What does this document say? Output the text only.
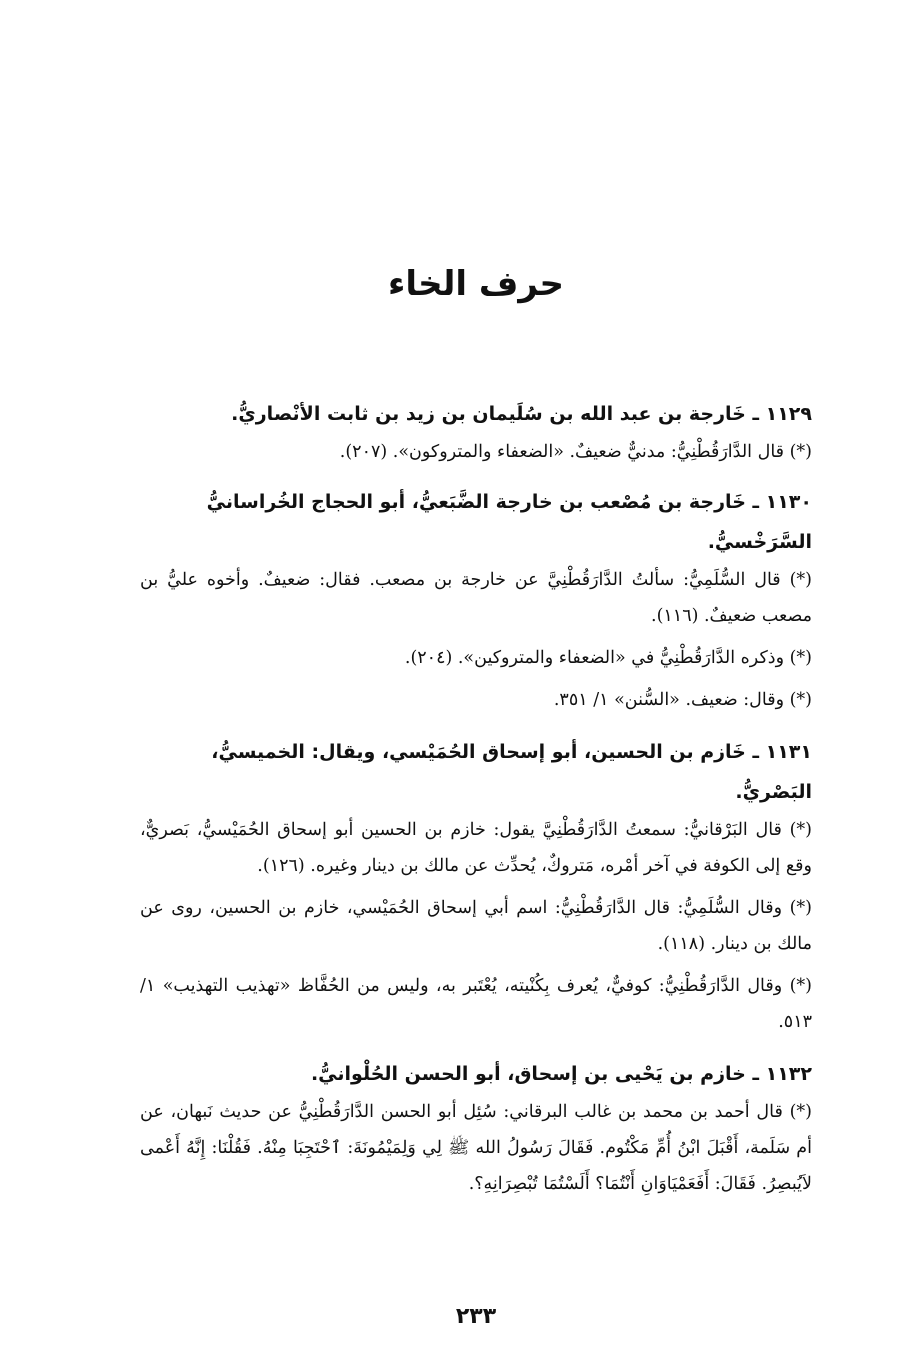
حرف الخاء

١١٢٩ ـ خَارجة بن عبد الله بن سُلَيمان بن زيد بن ثابت الأنْصاريُّ.

(*) قال الدَّارَقُطْنِيُّ: مدنيٌّ ضعيفٌ. «الضعفاء والمتروكون». (٢٠٧).

١١٣٠ ـ خَارجة بن مُصْعب بن خارجة الضَّبَعيُّ، أبو الحجاج الخُراسانيُّ السَّرَخْسيُّ.

(*) قال السُّلَمِيُّ: سألتُ الدَّارَقُطْنِيَّ عن خارجة بن مصعب. فقال: ضعيفٌ. وأخوه عليُّ بن مصعب ضعيفٌ. (١١٦).

(*) وذكره الدَّارَقُطْنِيُّ في «الضعفاء والمتروكين». (٢٠٤).

(*) وقال: ضعيف. «السُّنن» ١/ ٣٥١.

١١٣١ ـ خَازم بن الحسين، أبو إسحاق الحُمَيْسي، ويقال: الخميسيُّ، البَصْريُّ.

(*) قال البَرْقانيُّ: سمعتُ الدَّارَقُطْنِيَّ يقول: خازم بن الحسين أبو إسحاق الحُمَيْسيُّ، بَصريٌّ، وقع إلى الكوفة في آخر أمْره، مَتروكٌ، يُحدِّث عن مالك بن دينار وغيره. (١٢٦).

(*) وقال السُّلَمِيُّ: قال الدَّارَقُطْنِيُّ: اسم أبي إسحاق الحُمَيْسي، خازم بن الحسين، روى عن مالك بن دينار. (١١٨).

(*) وقال الدَّارَقُطْنِيُّ: كوفيٌّ، يُعرف بِكُنْيته، يُعْتَبر به، وليس من الحُفَّاظ «تهذيب التهذيب» ١/ ٥١٣.

١١٣٢ ـ خازم بن يَحْيى بن إسحاق، أبو الحسن الحُلْوانيُّ.

(*) قال أحمد بن محمد بن غالب البرقاني: سُئِل أبو الحسن الدَّارَقُطْنِيُّ عن حديث نَبهان، عن أم سَلَمة، أَقْبَلَ ابْنُ أُمِّ مَكْتُوم. فَقَالَ رَسُولُ الله ﷺ لِي وَلِمَيْمُونَةَ: ٱحْتَجِبَا مِنْهُ. فَقُلْنَا: إِنَّهُ أَعْمى لاَيُبصِرُ. فَقَالَ: أَفَعَمْيَاوَانِ أَنْتُمَا؟ أَلَسْتُمَا تُبْصِرَانِهِ؟.

٢٣٣
